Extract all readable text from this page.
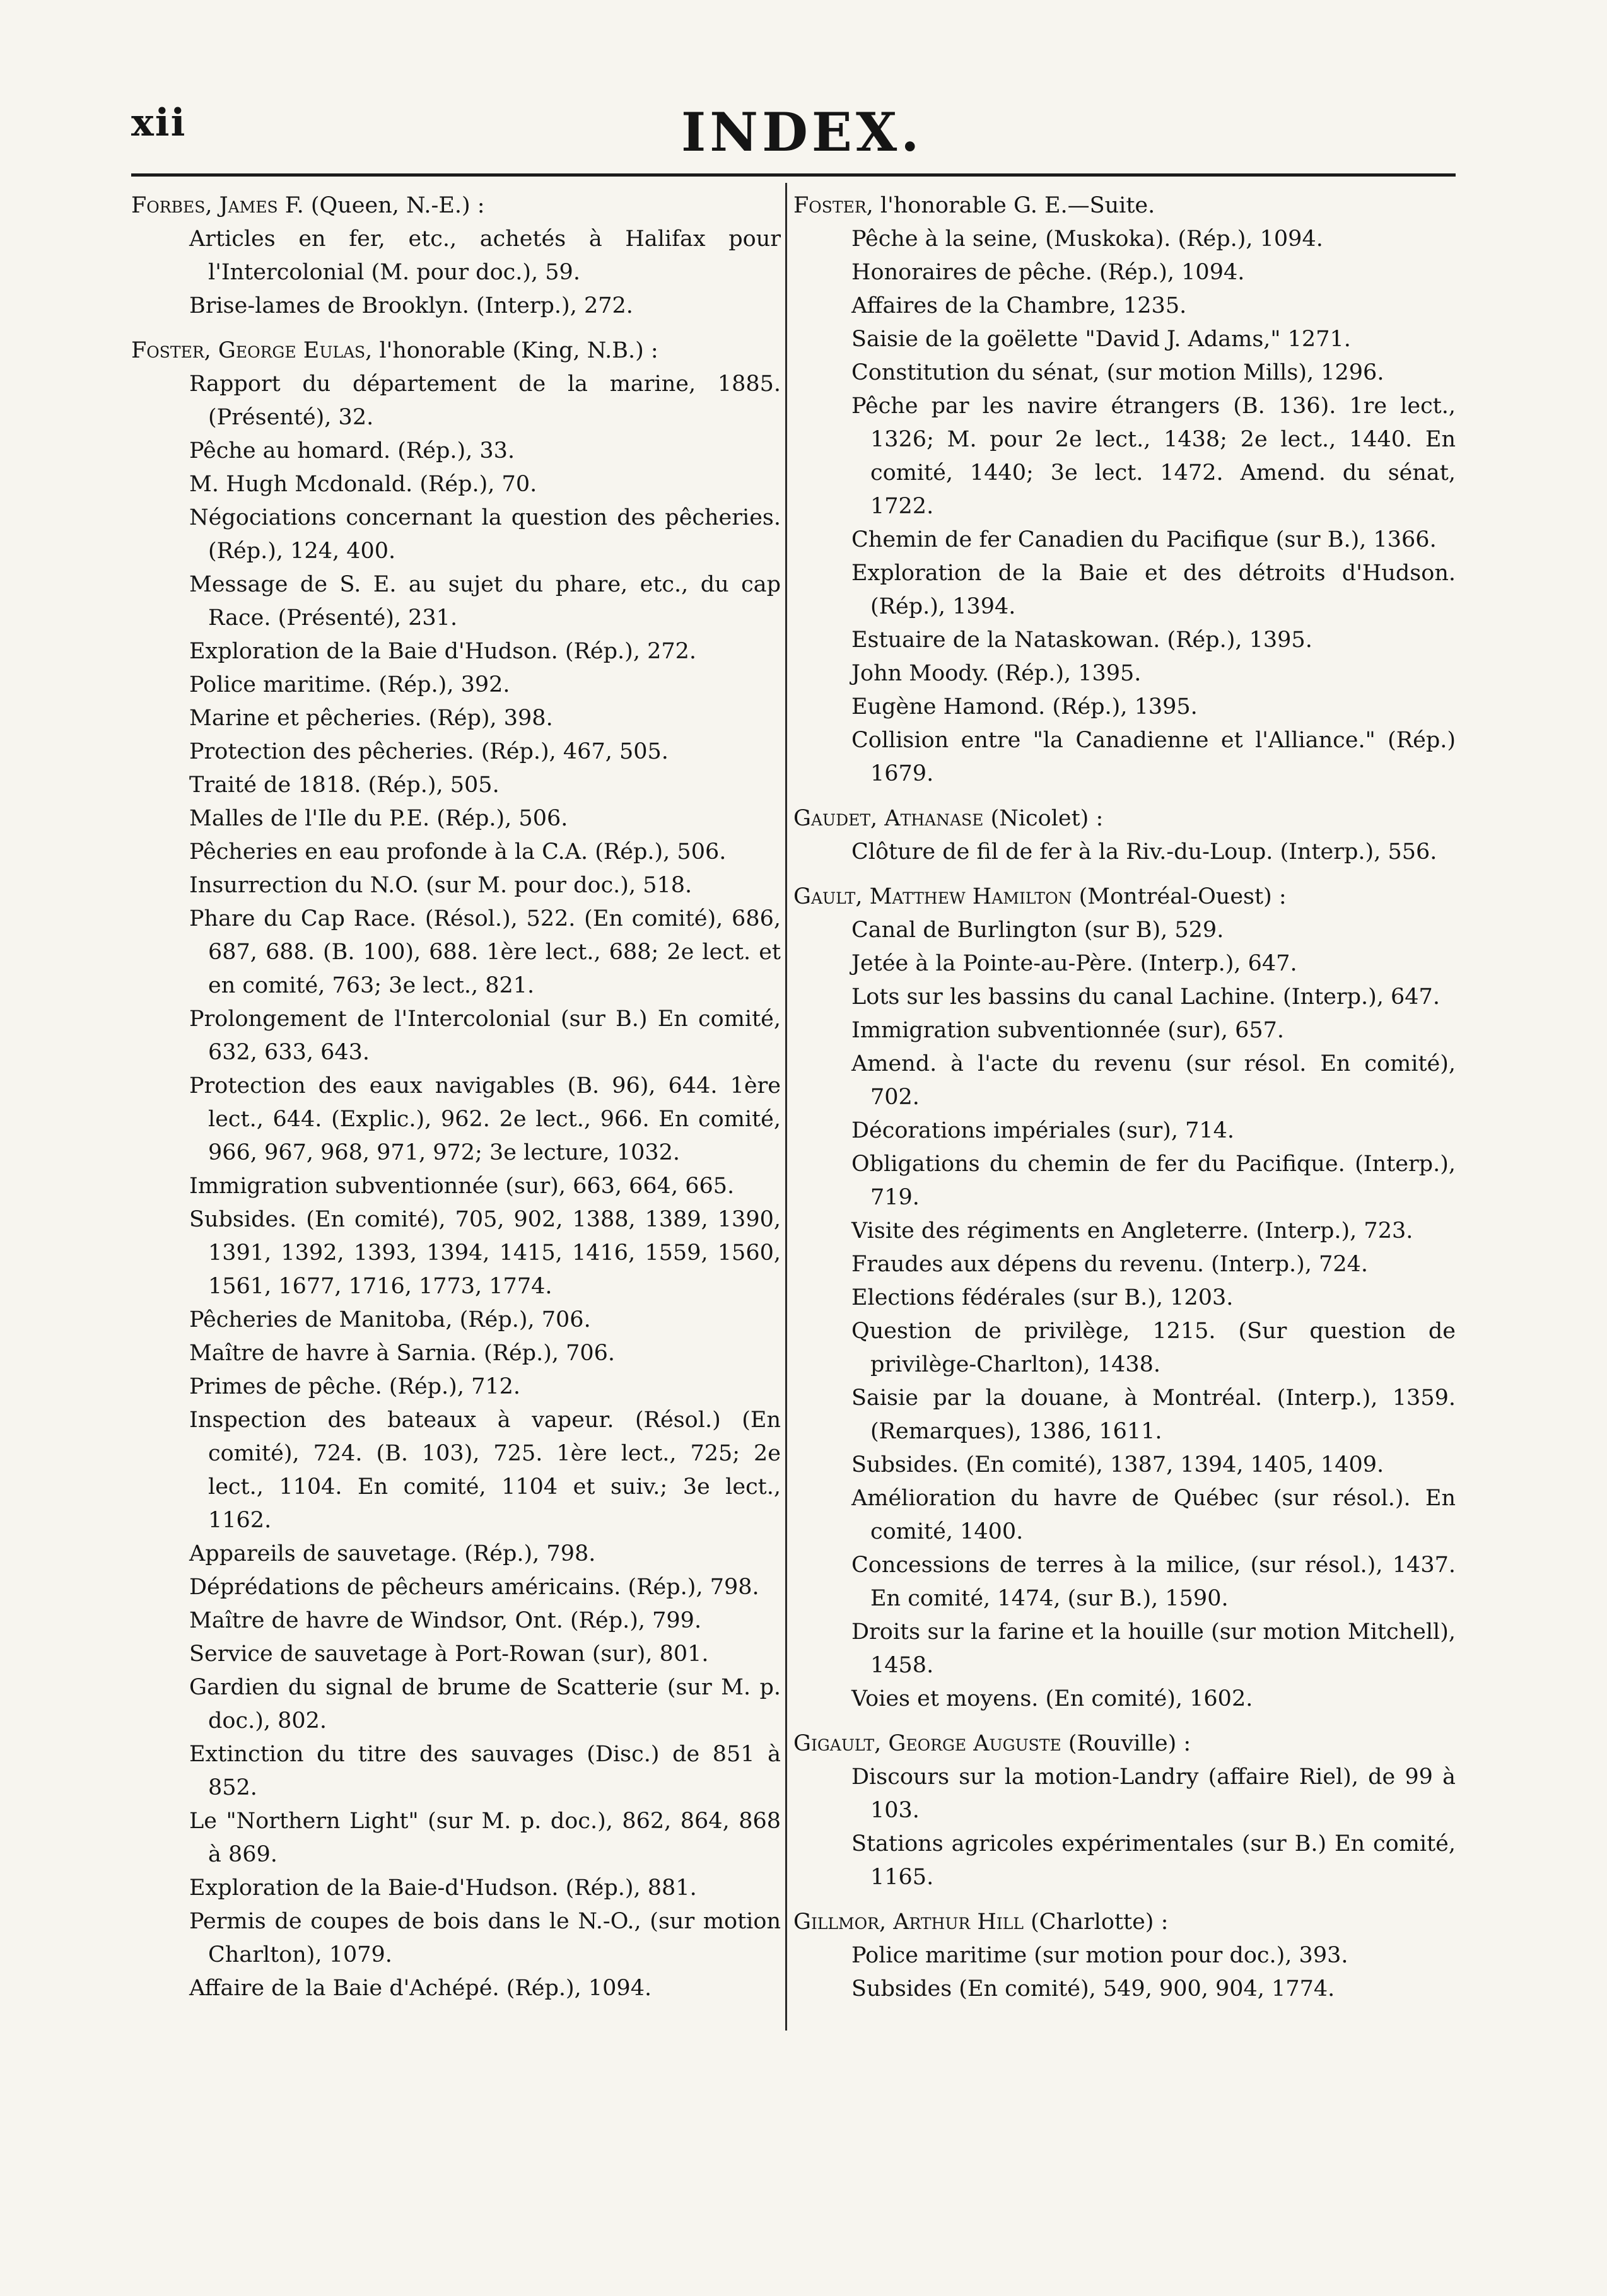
xii	INDEX.
Forbes, James F. (Queen, N.-E.) :
Articles en fer, etc., achetés à Halifax pour l'Intercolonial (M. pour doc.), 59.
Brise-lames de Brooklyn. (Interp.), 272.
Foster, George Eulas, l'honorable (King, N.B.) :
Rapport du département de la marine, 1885. (Présenté), 32.
Pêche au homard. (Rép.), 33.
M. Hugh Mcdonald. (Rép.), 70.
Négociations concernant la question des pêcheries. (Rép.), 124, 400.
Message de S. E. au sujet du phare, etc., du cap Race. (Présenté), 231.
Exploration de la Baie d'Hudson. (Rép.), 272.
Police maritime. (Rép.), 392.
Marine et pêcheries. (Rép), 398.
Protection des pêcheries. (Rép.), 467, 505.
Traité de 1818. (Rép.), 505.
Malles de l'Ile du P.E. (Rép.), 506.
Pêcheries en eau profonde à la C.A. (Rép.), 506.
Insurrection du N.O. (sur M. pour doc.), 518.
Phare du Cap Race. (Résol.), 522. (En comité), 686, 687, 688. (B. 100), 688. 1ère lect., 688; 2e lect. et en comité, 763; 3e lect., 821.
Prolongement de l'Intercolonial (sur B.) En comité, 632, 633, 643.
Protection des eaux navigables (B. 96), 644. 1ère lect., 644. (Explic.), 962. 2e lect., 966. En comité, 966, 967, 968, 971, 972; 3e lecture, 1032.
Immigration subventionnée (sur), 663, 664, 665.
Subsides. (En comité), 705, 902, 1388, 1389, 1390, 1391, 1392, 1393, 1394, 1415, 1416, 1559, 1560, 1561, 1677, 1716, 1773, 1774.
Pêcheries de Manitoba, (Rép.), 706.
Maître de havre à Sarnia. (Rép.), 706.
Primes de pêche. (Rép.), 712.
Inspection des bateaux à vapeur. (Résol.) (En comité), 724. (B. 103), 725. 1ère lect., 725; 2e lect., 1104. En comité, 1104 et suiv.; 3e lect., 1162.
Appareils de sauvetage. (Rép.), 798.
Déprédations de pêcheurs américains. (Rép.), 798.
Maître de havre de Windsor, Ont. (Rép.), 799.
Service de sauvetage à Port-Rowan (sur), 801.
Gardien du signal de brume de Scatterie (sur M. p. doc.), 802.
Extinction du titre des sauvages (Disc.) de 851 à 852.
Le "Northern Light" (sur M. p. doc.), 862, 864, 868 à 869.
Exploration de la Baie-d'Hudson. (Rép.), 881.
Permis de coupes de bois dans le N.-O., (sur motion Charlton), 1079.
Affaire de la Baie d'Achépé. (Rép.), 1094.
Foster, l'honorable G. E.—Suite.
Pêche à la seine, (Muskoka). (Rép.), 1094.
Honoraires de pêche. (Rép.), 1094.
Affaires de la Chambre, 1235.
Saisie de la goëlette "David J. Adams," 1271.
Constitution du sénat, (sur motion Mills), 1296.
Pêche par les navire étrangers (B. 136). 1re lect., 1326; M. pour 2e lect., 1438; 2e lect., 1440. En comité, 1440; 3e lect. 1472. Amend. du sénat, 1722.
Chemin de fer Canadien du Pacifique (sur B.), 1366.
Exploration de la Baie et des détroits d'Hudson. (Rép.), 1394.
Estuaire de la Nataskowan. (Rép.), 1395.
John Moody. (Rép.), 1395.
Eugène Hamond. (Rép.), 1395.
Collision entre "la Canadienne et l'Alliance." (Rép.) 1679.
Gaudet, Athanase (Nicolet) :
Clôture de fil de fer à la Riv.-du-Loup. (Interp.), 556.
Gault, Matthew Hamilton (Montréal-Ouest) :
Canal de Burlington (sur B), 529.
Jetée à la Pointe-au-Père. (Interp.), 647.
Lots sur les bassins du canal Lachine. (Interp.), 647.
Immigration subventionnée (sur), 657.
Amend. à l'acte du revenu (sur résol. En comité), 702.
Décorations impériales (sur), 714.
Obligations du chemin de fer du Pacifique. (Interp.), 719.
Visite des régiments en Angleterre. (Interp.), 723.
Fraudes aux dépens du revenu. (Interp.), 724.
Elections fédérales (sur B.), 1203.
Question de privilège, 1215. (Sur question de privilège-Charlton), 1438.
Saisie par la douane, à Montréal. (Interp.), 1359. (Remarques), 1386, 1611.
Subsides. (En comité), 1387, 1394, 1405, 1409.
Amélioration du havre de Québec (sur résol.). En comité, 1400.
Concessions de terres à la milice, (sur résol.), 1437. En comité, 1474, (sur B.), 1590.
Droits sur la farine et la houille (sur motion Mitchell), 1458.
Voies et moyens. (En comité), 1602.
Gigault, George Auguste (Rouville) :
Discours sur la motion-Landry (affaire Riel), de 99 à 103.
Stations agricoles expérimentales (sur B.) En comité, 1165.
Gillmor, Arthur Hill (Charlotte) :
Police maritime (sur motion pour doc.), 393.
Subsides (En comité), 549, 900, 904, 1774.
